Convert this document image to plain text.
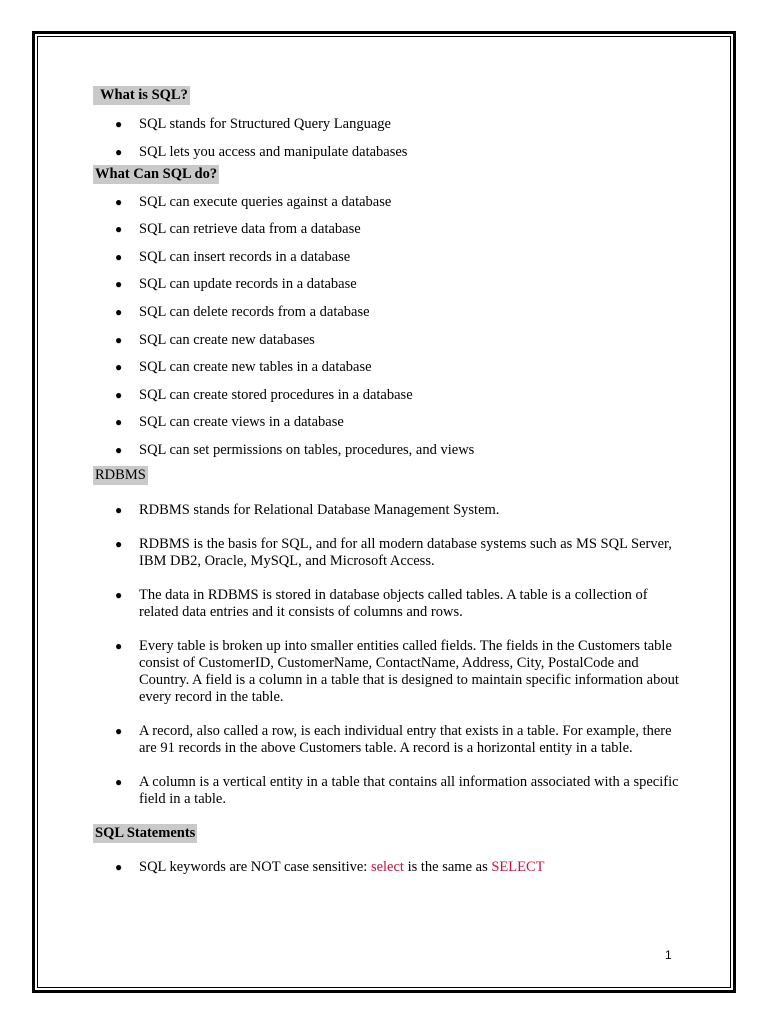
What is SQL?
● SQL stands for Structured Query Language
● SQL lets you access and manipulate databases
What Can SQL do?
● SQL can execute queries against a database
● SQL can retrieve data from a database
● SQL can insert records in a database
● SQL can update records in a database
● SQL can delete records from a database
● SQL can create new databases
● SQL can create new tables in a database
● SQL can create stored procedures in a database
● SQL can create views in a database
● SQL can set permissions on tables, procedures, and views
RDBMS
● RDBMS stands for Relational Database Management System.
● RDBMS is the basis for SQL, and for all modern database systems such as MS SQL Server, IBM DB2, Oracle, MySQL, and Microsoft Access.
● The data in RDBMS is stored in database objects called tables. A table is a collection of related data entries and it consists of columns and rows.
● Every table is broken up into smaller entities called fields. The fields in the Customers table consist of CustomerID, CustomerName, ContactName, Address, City, PostalCode and Country. A field is a column in a table that is designed to maintain specific information about every record in the table.
● A record, also called a row, is each individual entry that exists in a table. For example, there are 91 records in the above Customers table. A record is a horizontal entity in a table.
● A column is a vertical entity in a table that contains all information associated with a specific field in a table.
SQL Statements
● SQL keywords are NOT case sensitive: select is the same as SELECT
1
